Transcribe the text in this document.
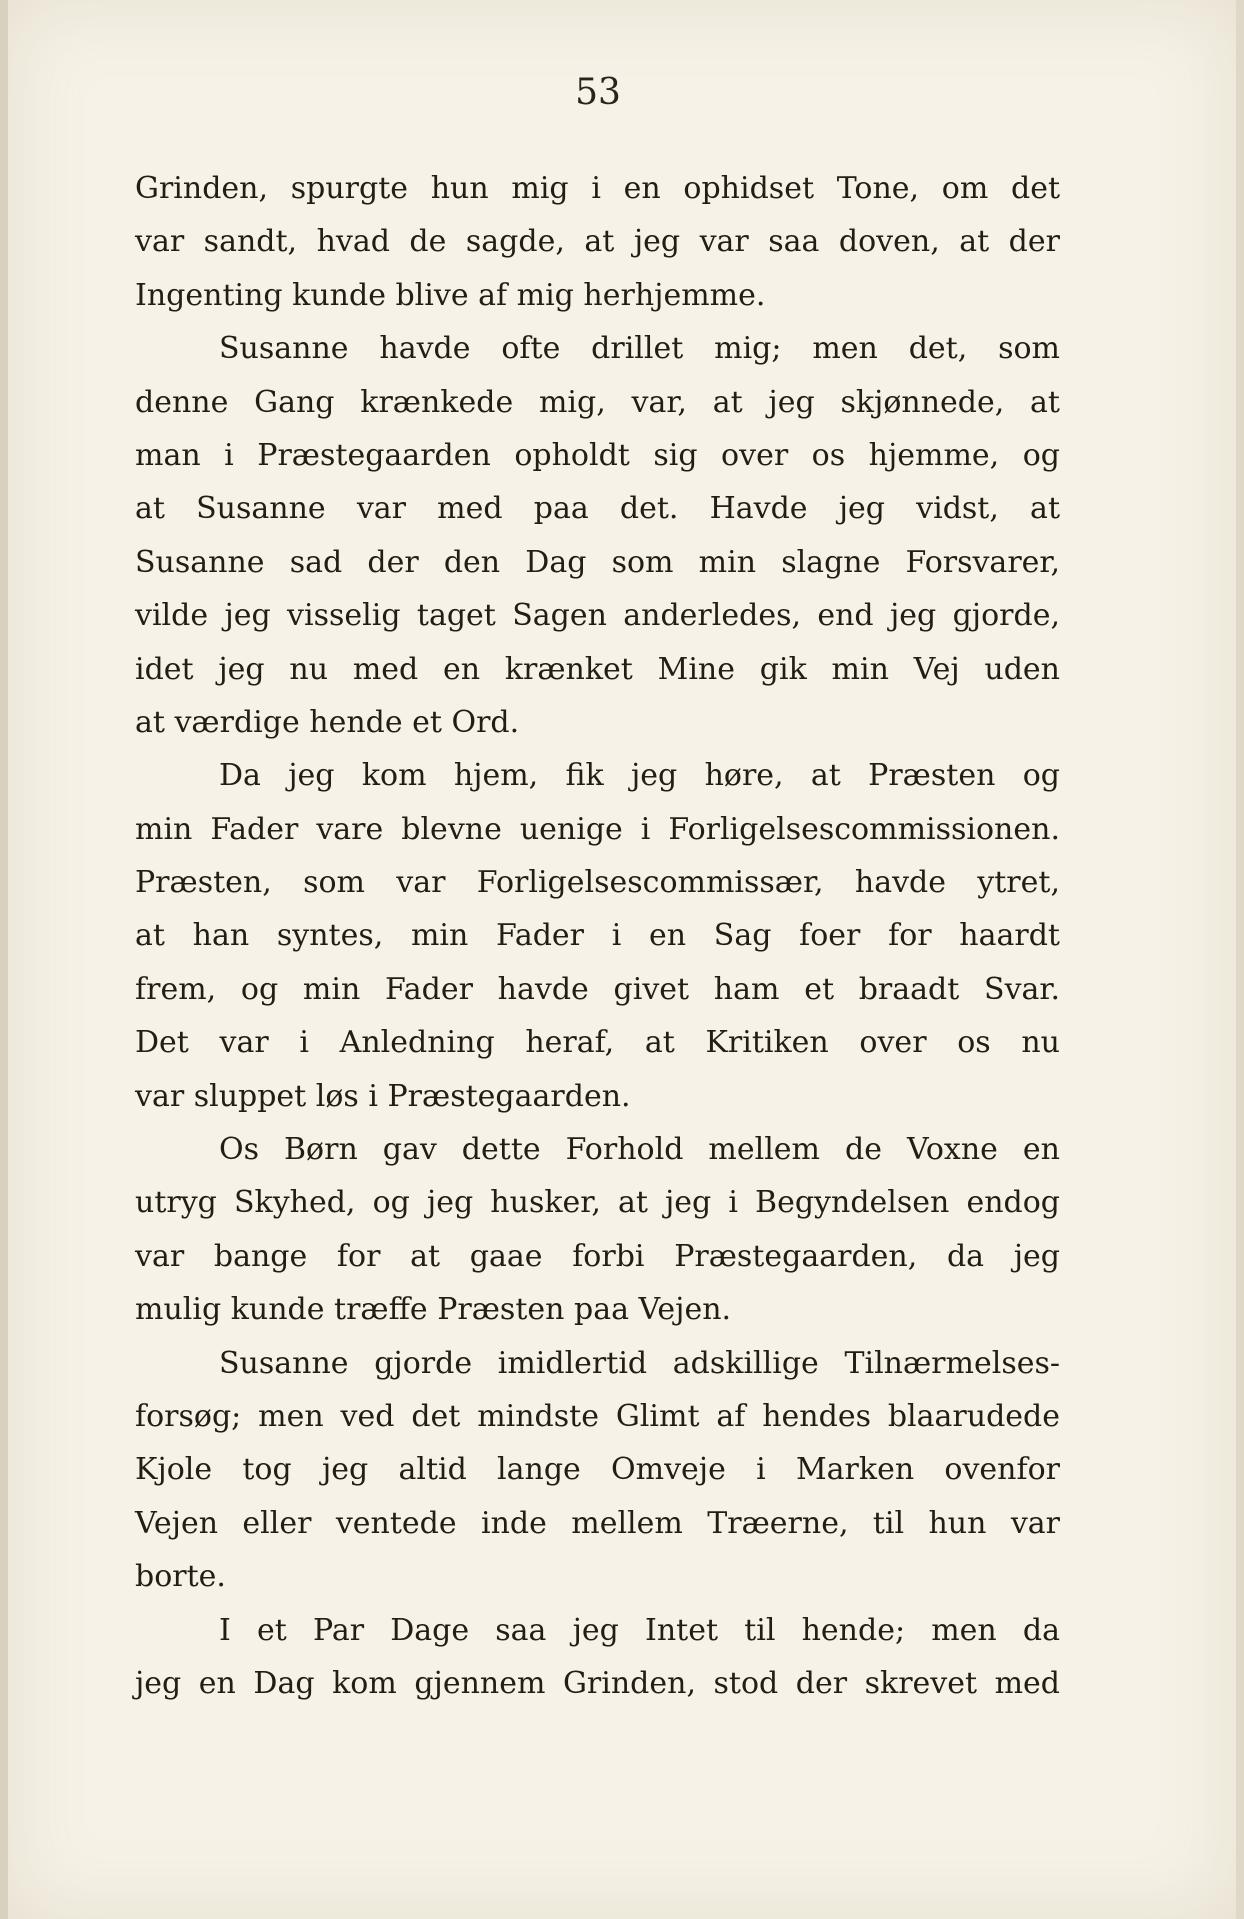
53
Grinden, spurgte hun mig i en ophidset Tone, om det
var sandt, hvad de sagde, at jeg var saa doven, at der
Ingenting kunde blive af mig herhjemme.
Susanne havde ofte drillet mig; men det, som
denne Gang krænkede mig, var, at jeg skjønnede, at
man i Præstegaarden opholdt sig over os hjemme, og
at Susanne var med paa det. Havde jeg vidst, at
Susanne sad der den Dag som min slagne Forsvarer,
vilde jeg visselig taget Sagen anderledes, end jeg gjorde,
idet jeg nu med en krænket Mine gik min Vej uden
at værdige hende et Ord.
Da jeg kom hjem, fik jeg høre, at Præsten og
min Fader vare blevne uenige i Forligelsescommissionen.
Præsten, som var Forligelsescommissær, havde ytret,
at han syntes, min Fader i en Sag foer for haardt
frem, og min Fader havde givet ham et braadt Svar.
Det var i Anledning heraf, at Kritiken over os nu
var sluppet løs i Præstegaarden.
Os Børn gav dette Forhold mellem de Voxne en
utryg Skyhed, og jeg husker, at jeg i Begyndelsen endog
var bange for at gaae forbi Præstegaarden, da jeg
mulig kunde træffe Præsten paa Vejen.
Susanne gjorde imidlertid adskillige Tilnærmelses-
forsøg; men ved det mindste Glimt af hendes blaarudede
Kjole tog jeg altid lange Omveje i Marken ovenfor
Vejen eller ventede inde mellem Træerne, til hun var
borte.
I et Par Dage saa jeg Intet til hende; men da
jeg en Dag kom gjennem Grinden, stod der skrevet med
